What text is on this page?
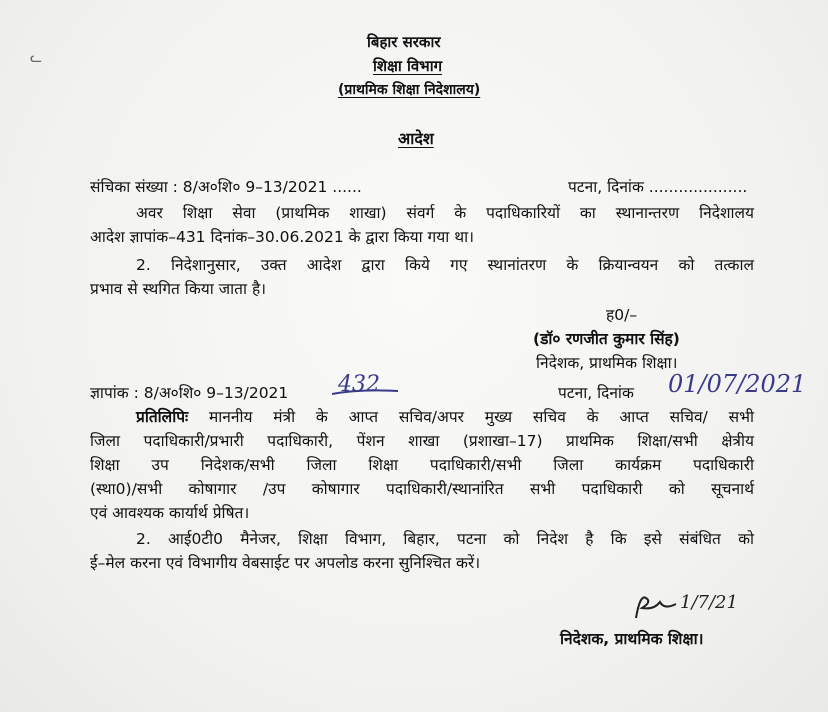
ᓚ
बिहार सरकार
शिक्षा विभाग
(प्राथमिक शिक्षा निदेशालय)
आदेश
संचिका संख्या : 8/अ०शि० 9–13/2021 ......	पटना, दिनांक ....................
अवर शिक्षा सेवा (प्राथमिक शाखा) संवर्ग के पदाधिकारियों का स्थानान्तरण निदेशालय
आदेश ज्ञापांक–431 दिनांक–30.06.2021 के द्वारा किया गया था।
2. निदेशानुसार, उक्त आदेश द्वारा किये गए स्थानांतरण के क्रियान्वयन को तत्काल
प्रभाव से स्थगित किया जाता है।
ह0/–
(डॉ० रणजीत कुमार सिंह)
निदेशक, प्राथमिक शिक्षा।
ज्ञापांक : 8/अ०शि० 9–13/2021 432	पटना, दिनांक 01/07/2021
प्रतिलिपिः माननीय मंत्री के आप्त सचिव/अपर मुख्य सचिव के आप्त सचिव/ सभी
जिला पदाधिकारी/प्रभारी पदाधिकारी, पेंशन शाखा (प्रशाखा–17) प्राथमिक शिक्षा/सभी क्षेत्रीय
शिक्षा उप निदेशक/सभी जिला शिक्षा पदाधिकारी/सभी जिला कार्यक्रम पदाधिकारी
(स्था0)/सभी कोषागार /उप कोषागार पदाधिकारी/स्थानांरित सभी पदाधिकारी को सूचनार्थ
एवं आवश्यक कार्यार्थ प्रेषित।
2. आई0टी0 मैनेजर, शिक्षा विभाग, बिहार, पटना को निदेश है कि इसे संबंधित को
ई–मेल करना एवं विभागीय वेबसाईट पर अपलोड करना सुनिश्चित करें।
1/7/21
निदेशक, प्राथमिक शिक्षा।
